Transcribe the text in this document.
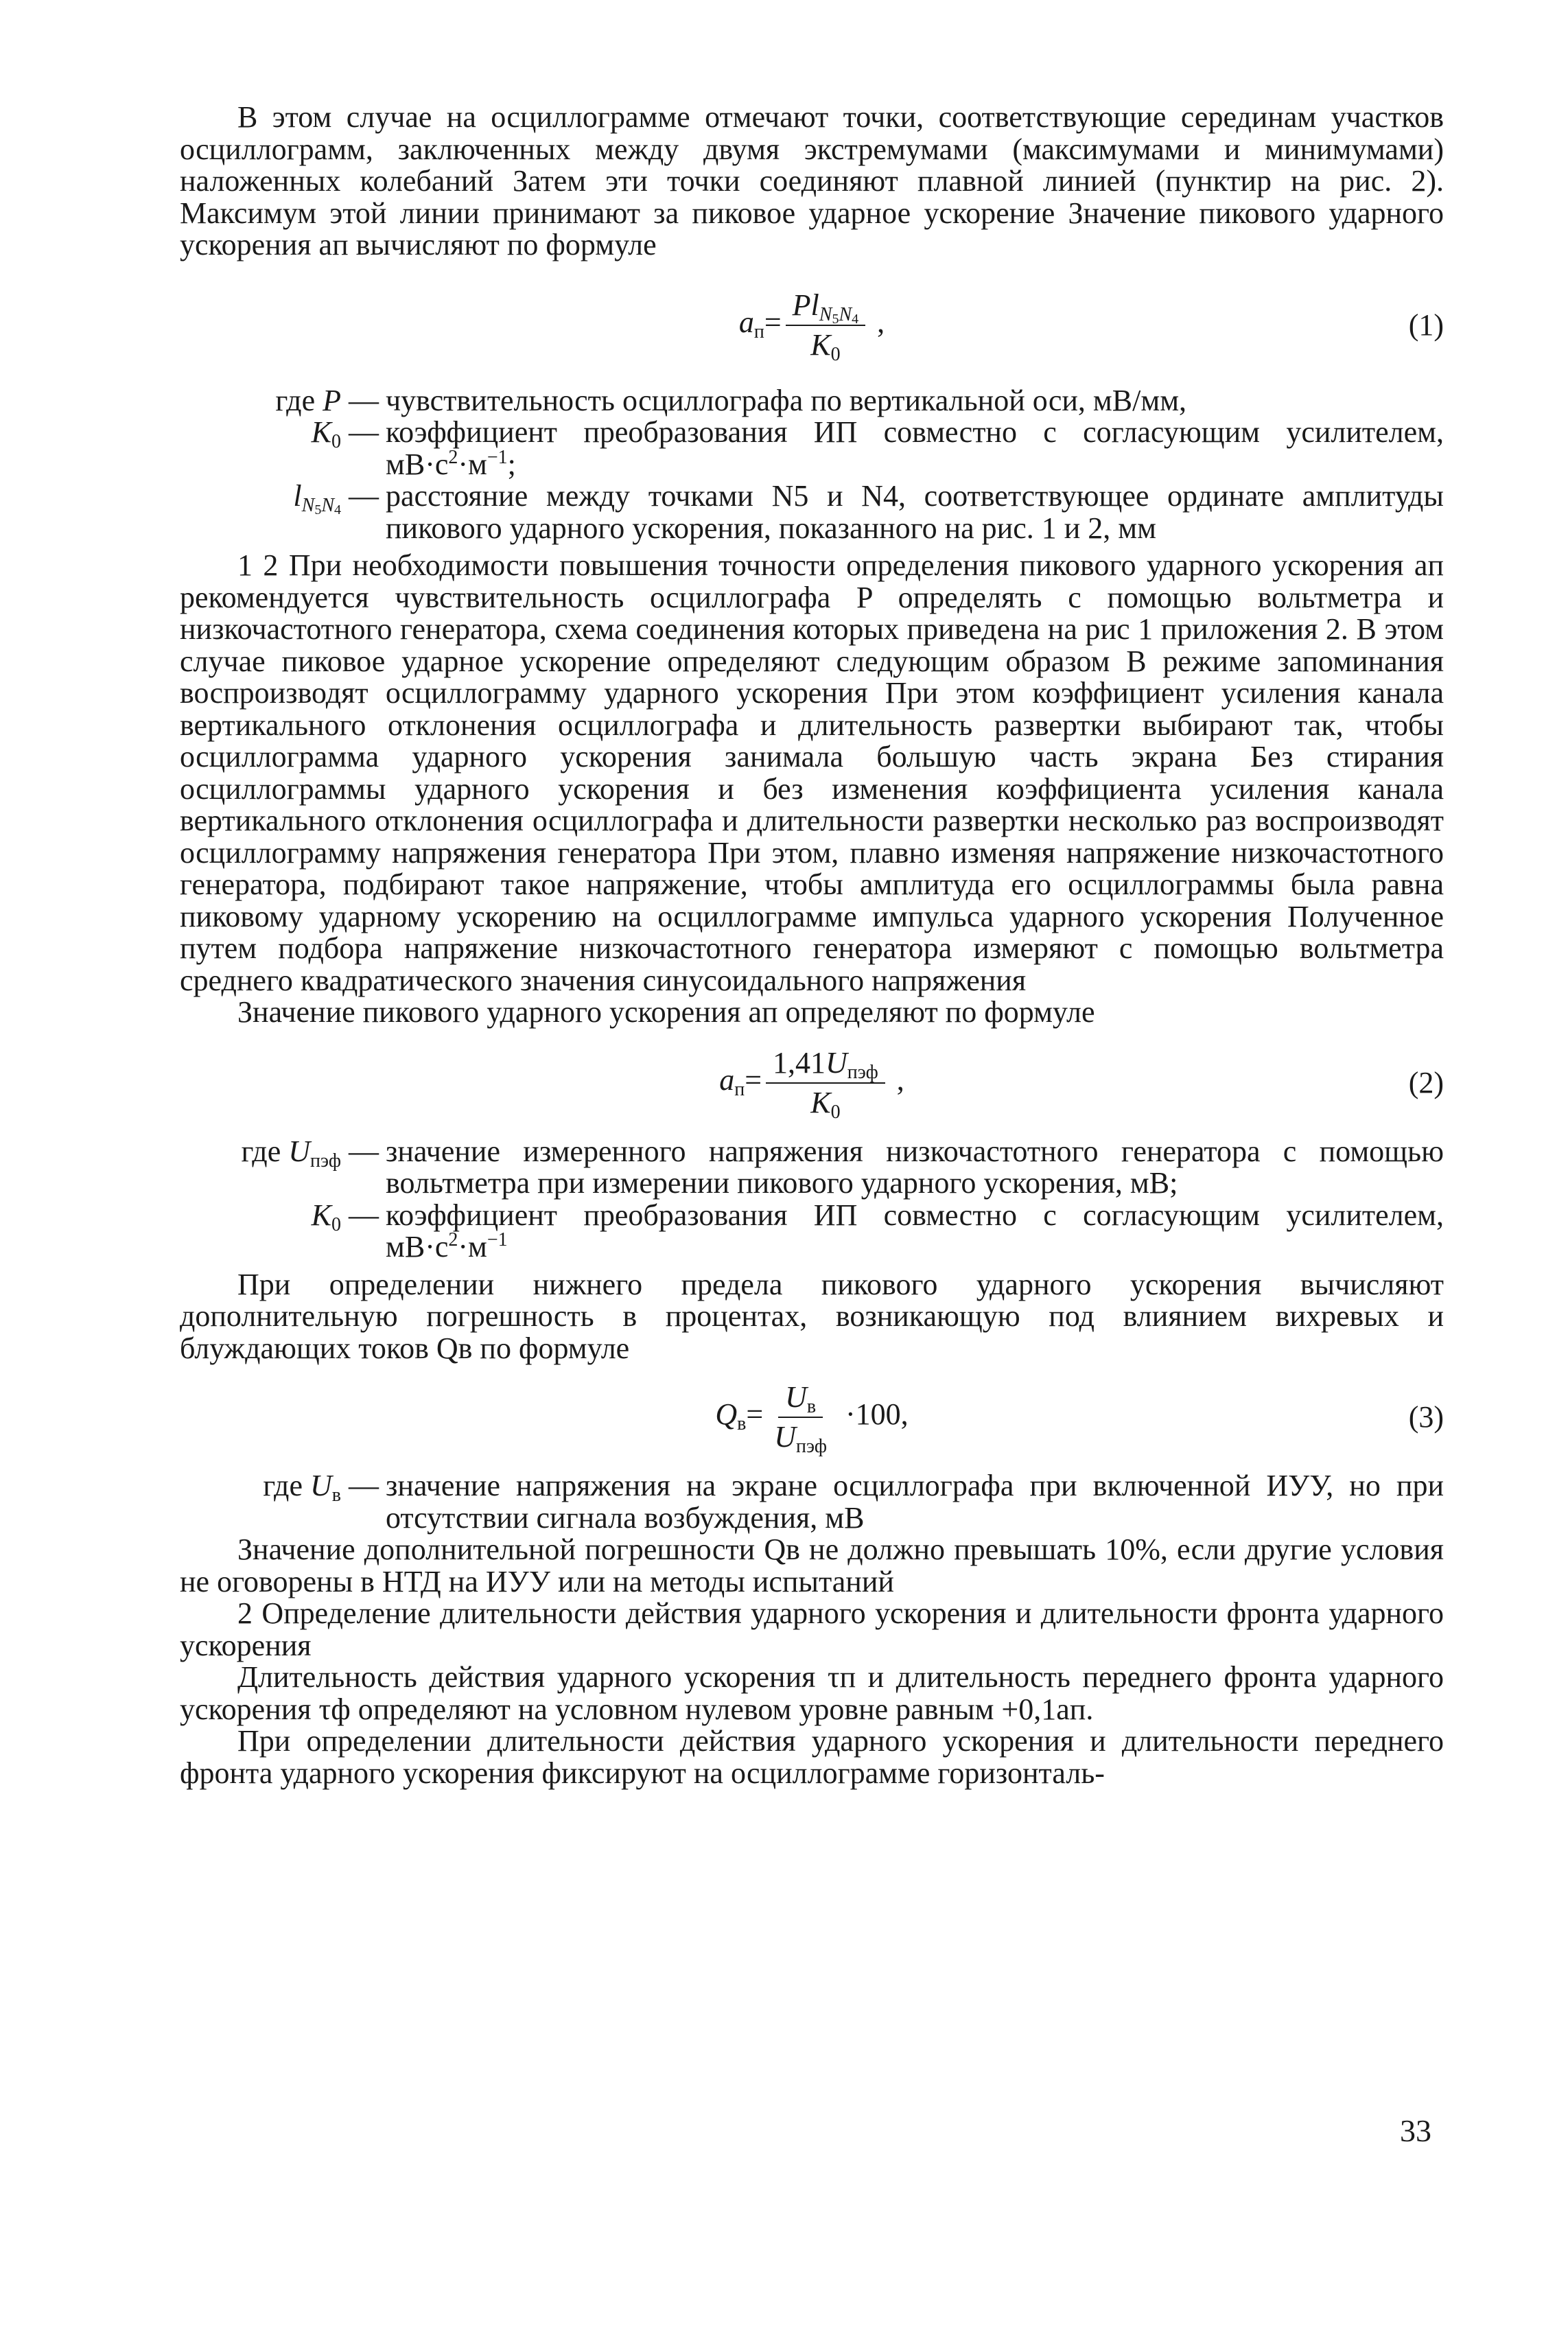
В этом случае на осциллограмме отмечают точки, соответствующие серединам участков осциллограмм, заключенных между двумя экстремумами (максимумами и минимумами) наложенных колебаний Затем эти точки соединяют плавной линией (пунктир на рис. 2). Максимум этой линии принимают за пиковое ударное ускорение Значение пикового ударного ускорения aп вычисляют по формуле

$a_п= \frac{Pl_{N_5N_4}}{K_0}$ ,	(1)
где P — чувствительность осциллографа по вертикальной оси, мВ/мм,
$K_0$ — коэффициент преобразования ИП совместно с согласующим усилителем, $мВ\cdot с^2\cdot м^{-1}$;
$l_{N_5N_4}$ — расстояние между точками N5 и N4, соответствующее ординате амплитуды пикового ударного ускорения, показанного на рис. 1 и 2, мм

1 2 При необходимости повышения точности определения пикового ударного ускорения aп рекомендуется чувствительность осциллографа P определять с помощью вольтметра и низкочастотного генератора, схема соединения которых приведена на рис 1 приложения 2. В этом случае пиковое ударное ускорение определяют следующим образом В режиме запоминания воспроизводят осциллограмму ударного ускорения При этом коэффициент усиления канала вертикального отклонения осциллографа и длительность развертки выбирают так, чтобы осциллограмма ударного ускорения занимала большую часть экрана Без стирания осциллограммы ударного ускорения и без изменения коэффициента усиления канала вертикального отклонения осциллографа и длительности развертки несколько раз воспроизводят осциллограмму напряжения генератора При этом, плавно изменяя напряжение низкочастотного генератора, подбирают такое напряжение, чтобы амплитуда его осциллограммы была равна пиковому ударному ускорению на осциллограмме импульса ударного ускорения Полученное путем подбора напряжение низкочастотного генератора измеряют с помощью вольтметра среднего квадратического значения синусоидального напряжения

Значение пикового ударного ускорения aп определяют по формуле

$a_п= \frac{1,41U_{пэф}}{K_0}$ ,	(2)
где $U_{пэф}$ — значение измеренного напряжения низкочастотного генератора с помощью вольтметра при измерении пикового ударного ускорения, мВ;
$K_0$ — коэффициент преобразования ИП совместно с согласующим усилителем, $мВ\cdot с^2\cdot м^{-1}$

При определении нижнего предела пикового ударного ускорения вычисляют дополнительную погрешность в процентах, возникающую под влиянием вихревых и блуждающих токов Qв по формуле

$Q_в= \frac{U_в}{U_{пэф}} \cdot 100$,	(3)
где $U_в$ — значение напряжения на экране осциллографа при включенной ИУУ, но при отсутствии сигнала возбуждения, мВ

Значение дополнительной погрешности Qв не должно превышать 10%, если другие условия не оговорены в НТД на ИУУ или на методы испытаний

2 Определение длительности действия ударного ускорения и длительности фронта ударного ускорения

Длительность действия ударного ускорения τп и длительность переднего фронта ударного ускорения τф определяют на условном нулевом уровне равным +0,1aп.

При определении длительности действия ударного ускорения и длительности переднего фронта ударного ускорения фиксируют на осциллограмме горизонталь-

33
